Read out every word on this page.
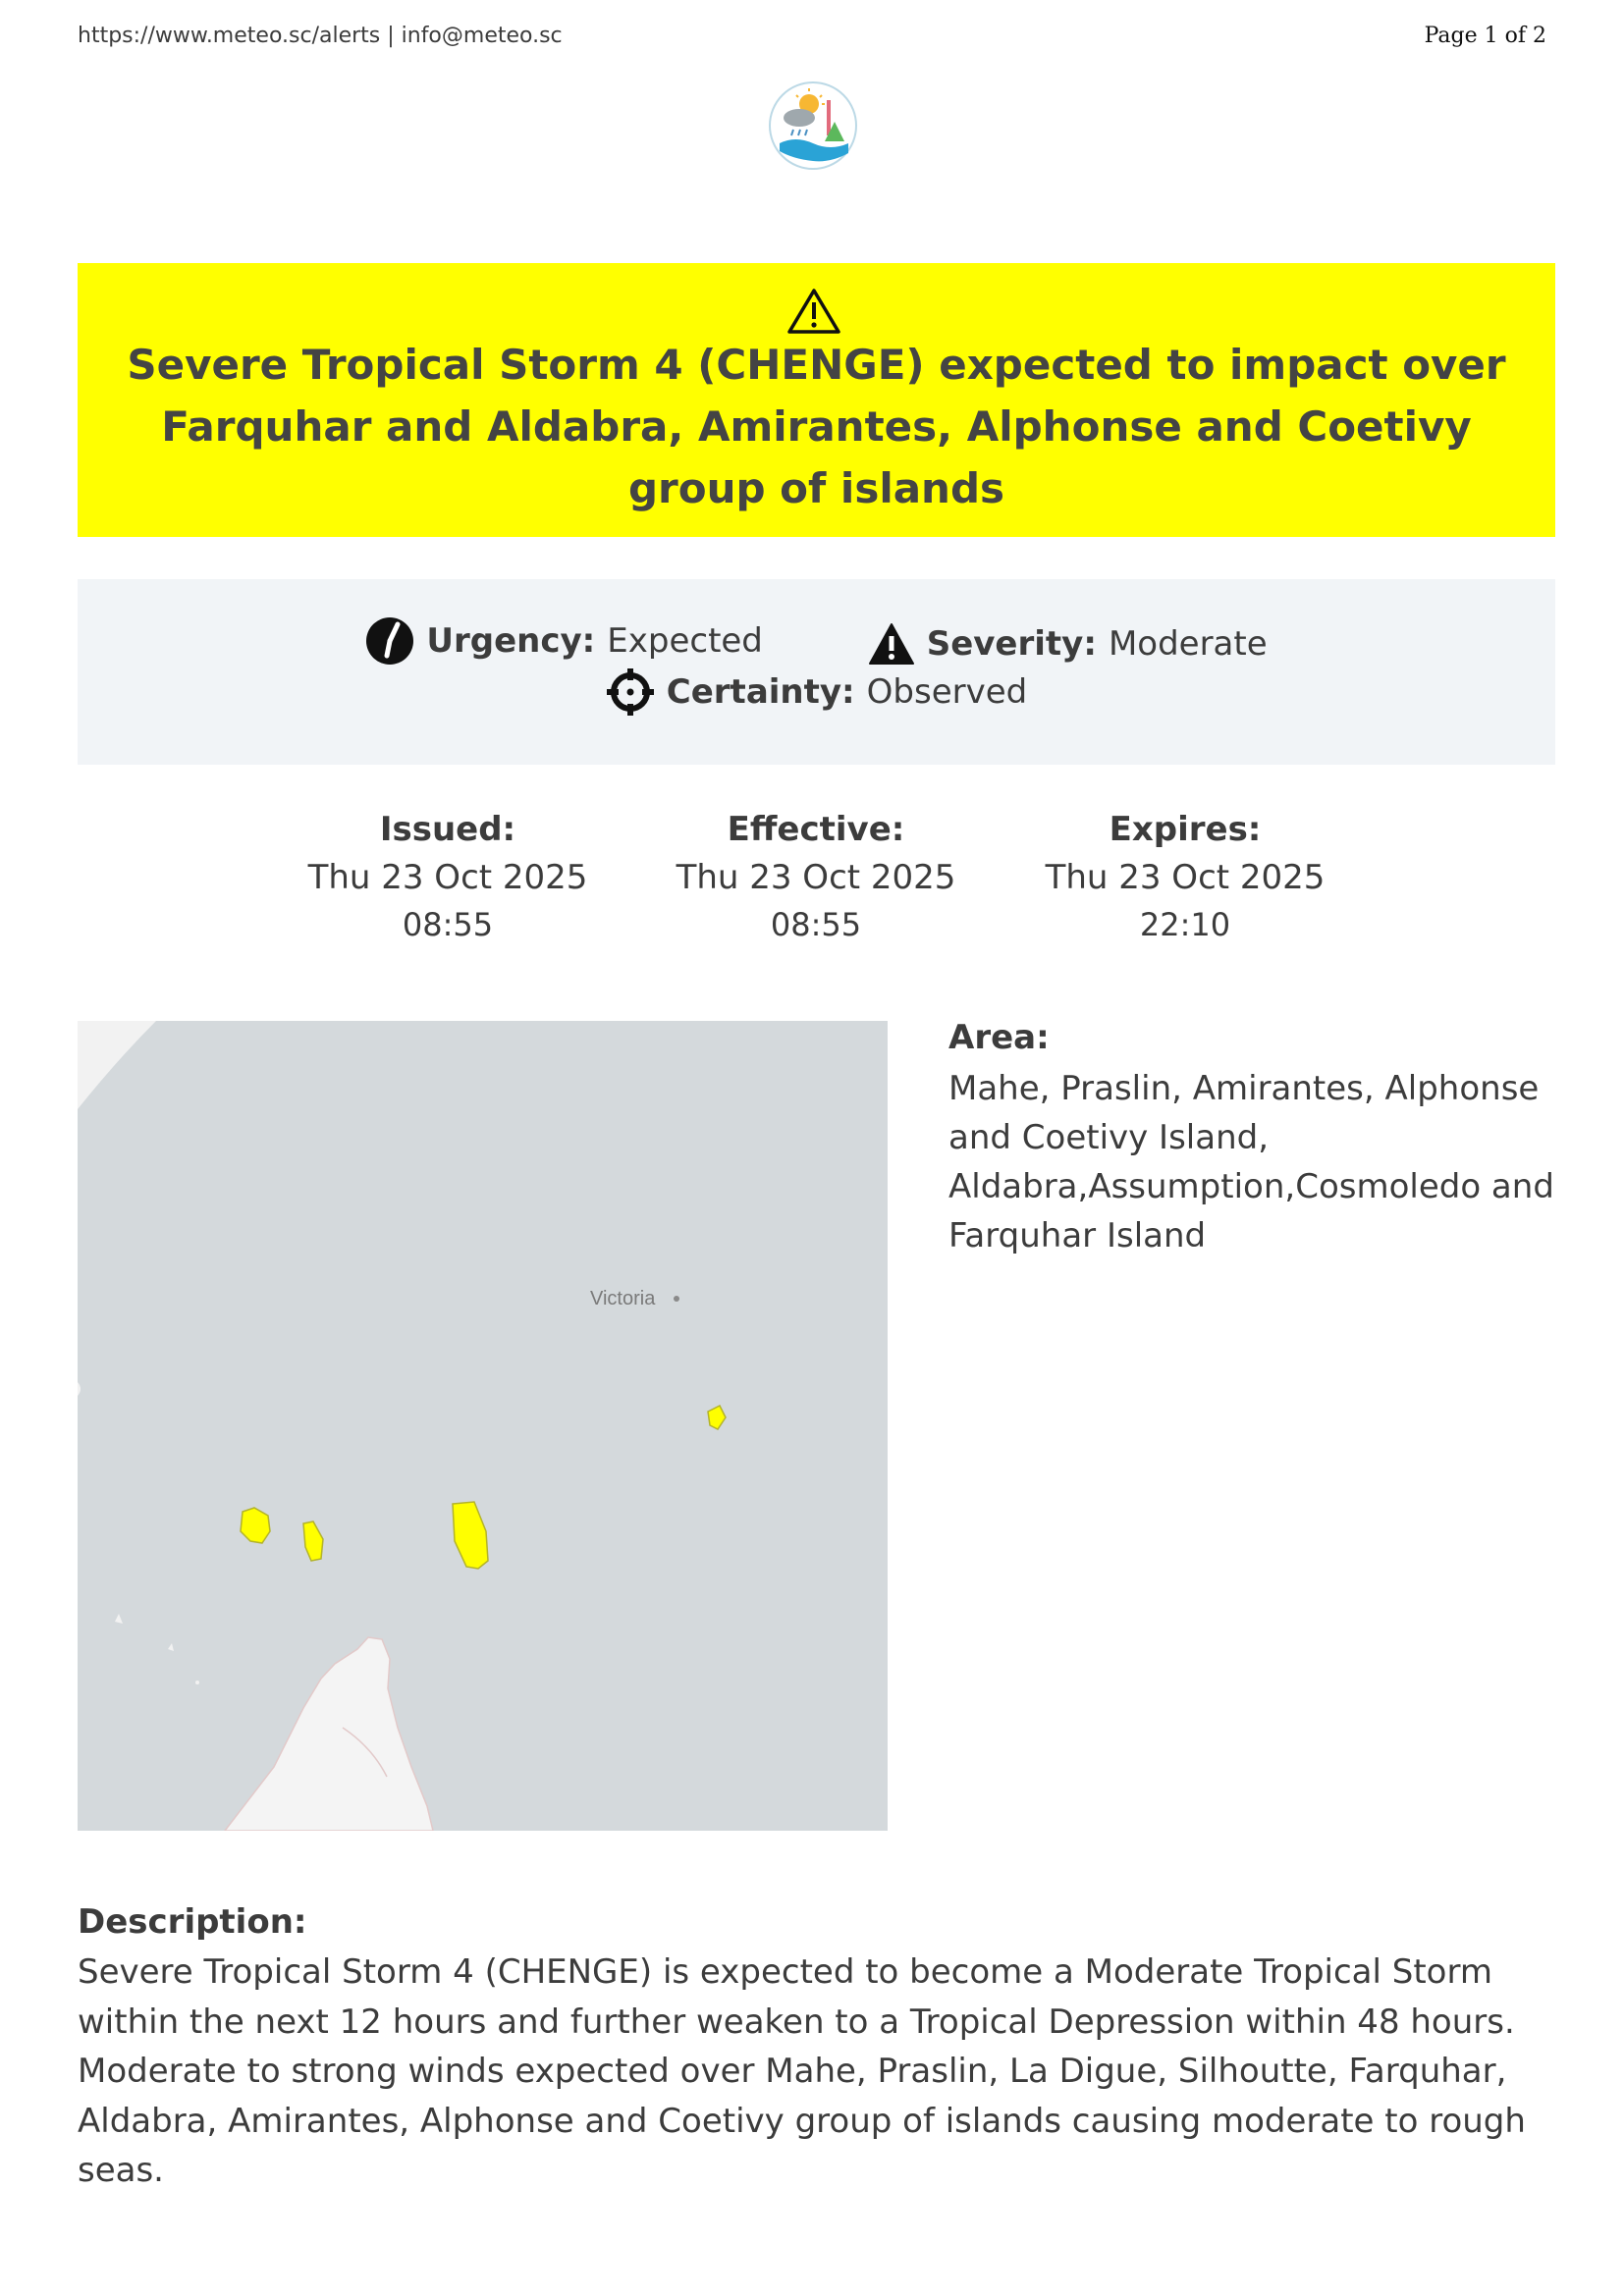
https://www.meteo.sc/alerts | info@meteo.sc	Page 1 of 2
Severe Tropical Storm 4 (CHENGE) expected to impact over Farquhar and Aldabra, Amirantes, Alphonse and Coetivy group of islands
Urgency: Expected
	Severity: Moderate
Certainty: Observed
Issued:
Thu 23 Oct 2025
08:55
Effective:
Thu 23 Oct 2025
08:55
Expires:
Thu 23 Oct 2025
22:10
Victoria
Area:
Mahe, Praslin, Amirantes, Alphonse and Coetivy Island, Aldabra,Assumption,Cosmoledo and Farquhar Island
Description:
Severe Tropical Storm 4 (CHENGE) is expected to become a Moderate Tropical Storm within the next 12 hours and further weaken to a Tropical Depression within 48 hours. Moderate to strong winds expected over Mahe, Praslin, La Digue, Silhoutte, Farquhar, Aldabra, Amirantes, Alphonse and Coetivy group of islands causing moderate to rough seas.
